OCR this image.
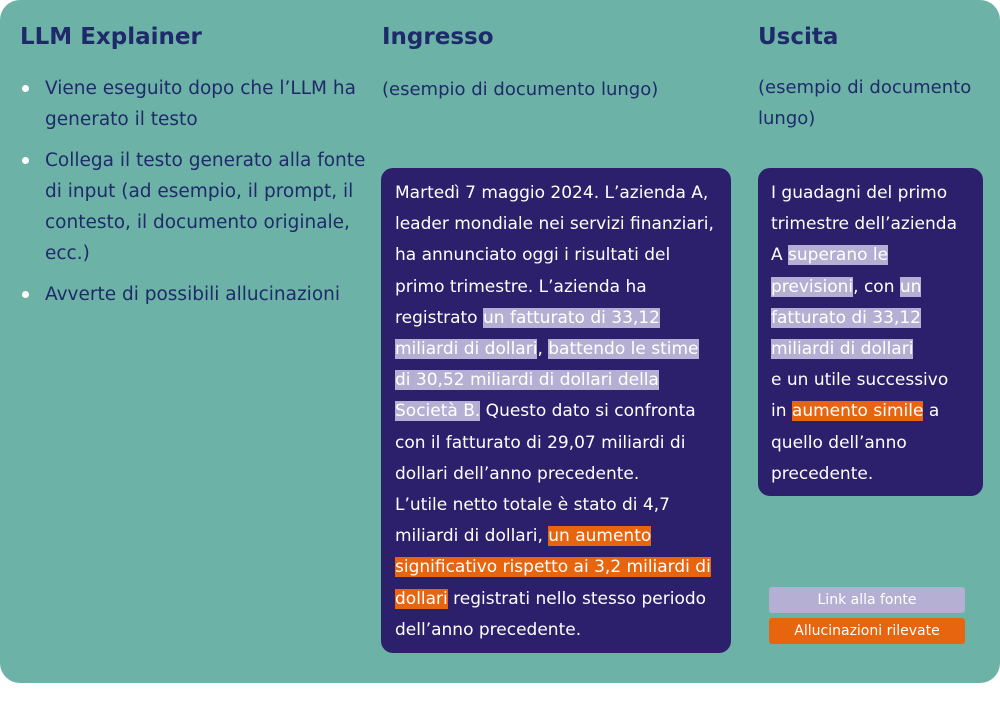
LLM Explainer
Viene eseguito dopo che l’LLM ha generato il testo
Collega il testo generato alla fonte di input (ad esempio, il prompt, il contesto, il documento originale, ecc.)
Avverte di possibili allucinazioni
Ingresso

(esempio di documento lungo)

Martedì 7 maggio 2024. L’azienda A,
leader mondiale nei servizi finanziari,
ha annunciato oggi i risultati del
primo trimestre. L’azienda ha
registrato un fatturato di 33,12
miliardi di dollari, battendo le stime
di 30,52 miliardi di dollari della
Società B. Questo dato si confronta
con il fatturato di 29,07 miliardi di
dollari dell’anno precedente.
L’utile netto totale è stato di 4,7
miliardi di dollari, un aumento
significativo rispetto ai 3,2 miliardi di
dollari registrati nello stesso periodo
dell’anno precedente.
Uscita

(esempio di documento lungo)

I guadagni del primo
trimestre dell’azienda
A superano le
previsioni, con un
fatturato di 33,12
miliardi di dollari
e un utile successivo
in aumento simile a
quello dell’anno
precedente.
Link alla fonte
Allucinazioni rilevate
